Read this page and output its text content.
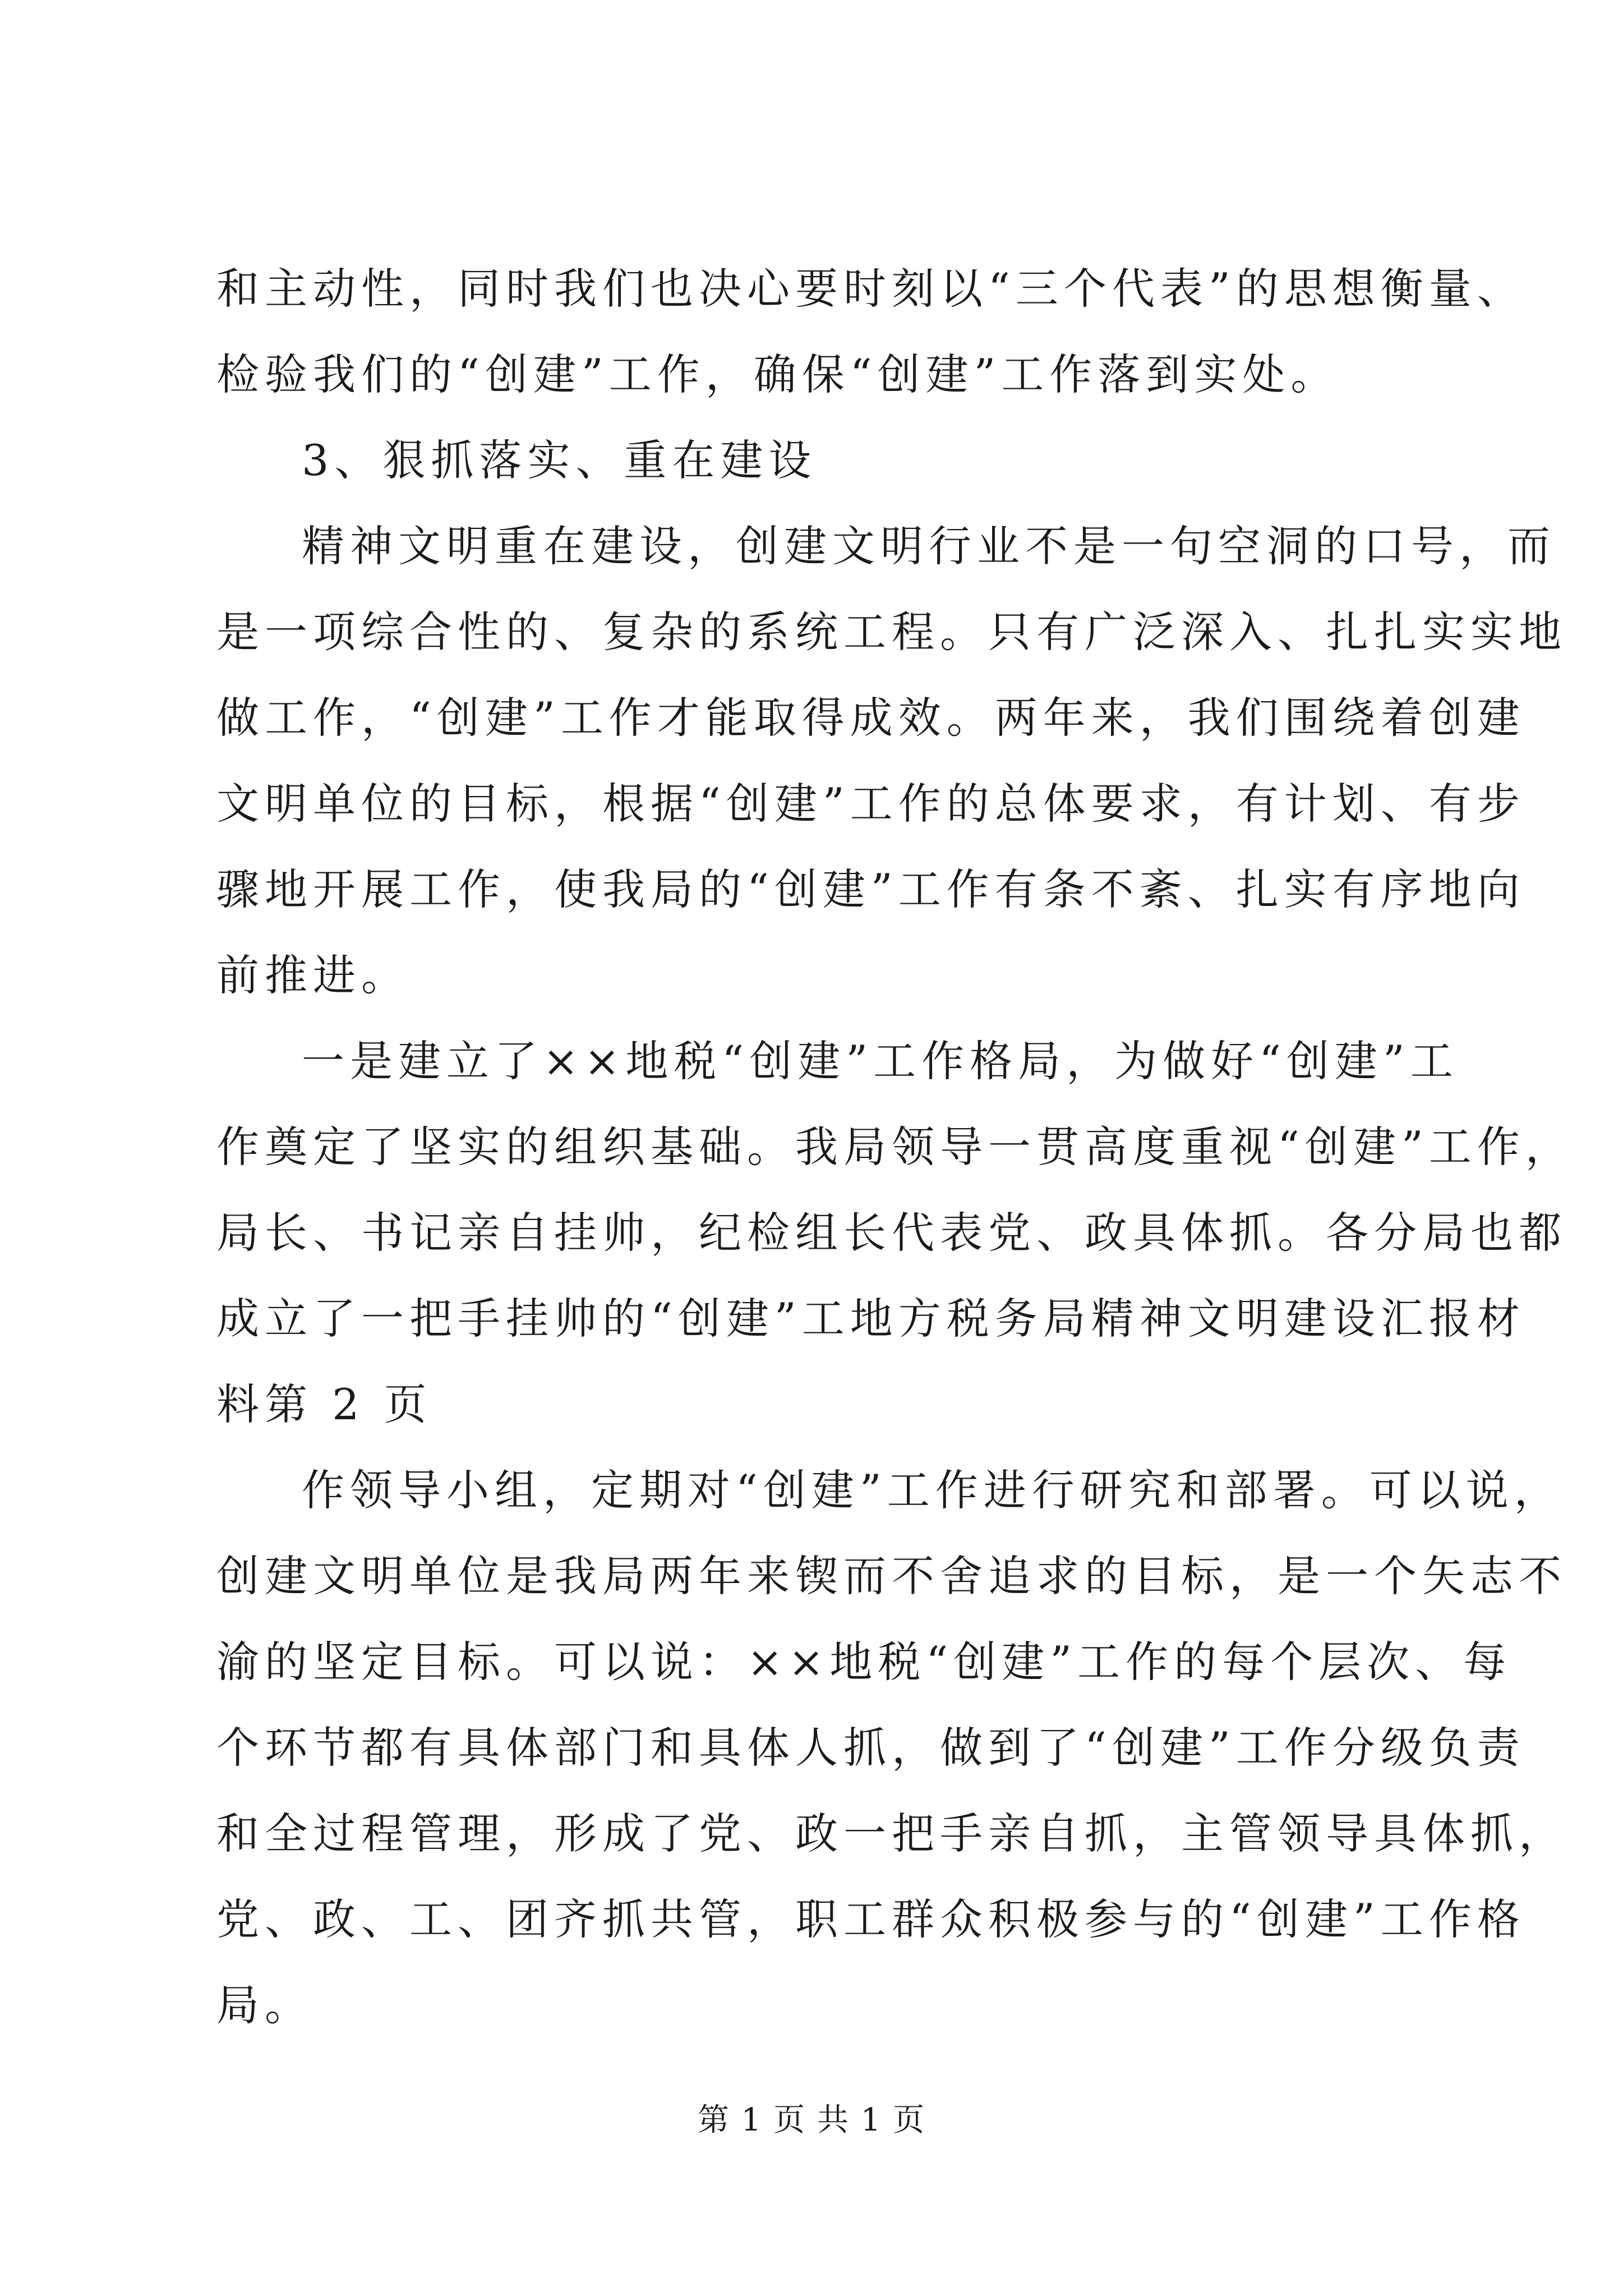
和主动性，同时我们也决心要时刻以“三个代表”的思想衡量、
检验我们的“创建”工作，确保“创建”工作落到实处。
3、狠抓落实、重在建设
精神文明重在建设，创建文明行业不是一句空洞的口号，而
是一项综合性的、复杂的系统工程。只有广泛深入、扎扎实实地
做工作，“创建”工作才能取得成效。两年来，我们围绕着创建
文明单位的目标，根据“创建”工作的总体要求，有计划、有步
骤地开展工作，使我局的“创建”工作有条不紊、扎实有序地向
前推进。
一是建立了××地税“创建”工作格局，为做好“创建”工
作奠定了坚实的组织基础。我局领导一贯高度重视“创建”工作，
局长、书记亲自挂帅，纪检组长代表党、政具体抓。各分局也都
成立了一把手挂帅的“创建”工地方税务局精神文明建设汇报材
料第 2 页
作领导小组，定期对“创建”工作进行研究和部署。可以说，
创建文明单位是我局两年来锲而不舍追求的目标，是一个矢志不
渝的坚定目标。可以说：××地税“创建”工作的每个层次、每
个环节都有具体部门和具体人抓，做到了“创建”工作分级负责
和全过程管理，形成了党、政一把手亲自抓，主管领导具体抓，
党、政、工、团齐抓共管，职工群众积极参与的“创建”工作格
局。
第 1 页 共 1 页
